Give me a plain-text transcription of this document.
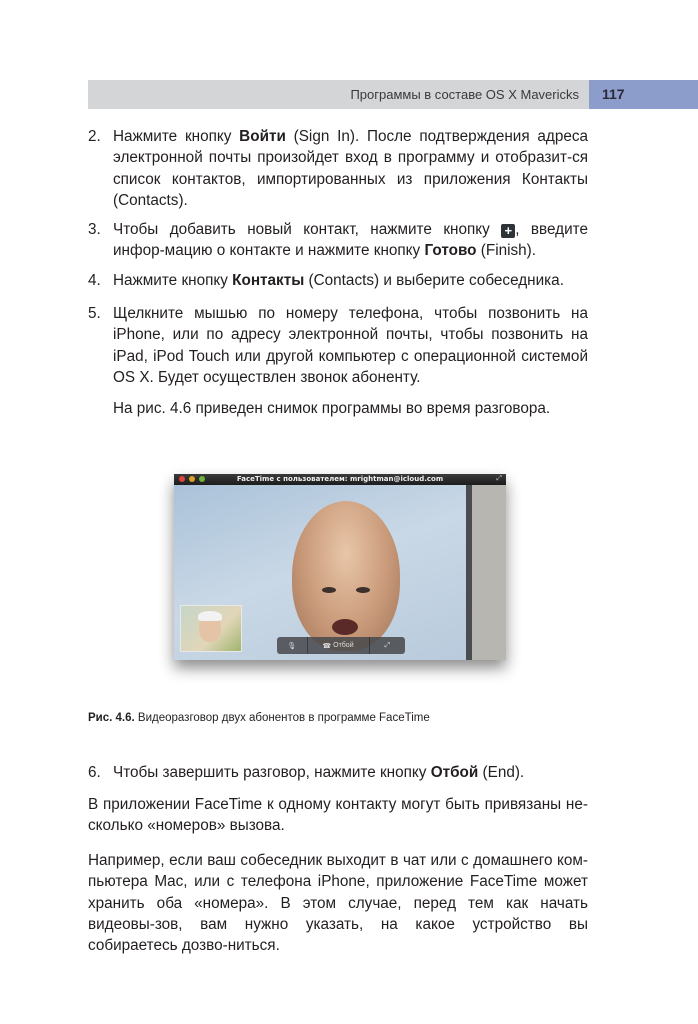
Программы в составе OS X Mavericks 117
2. Нажмите кнопку Войти (Sign In). После подтверждения адреса электронной почты произойдет вход в программу и отобразит-ся список контактов, импортированных из приложения Контакты (Contacts).
3. Чтобы добавить новый контакт, нажмите кнопку + , введите инфор-мацию о контакте и нажмите кнопку Готово (Finish).
4. Нажмите кнопку Контакты (Contacts) и выберите собеседника.
5. Щелкните мышью по номеру телефона, чтобы позвонить на iPhone, или по адресу электронной почты, чтобы позвонить на iPad, iPod Touch или другой компьютер с операционной системой OS X. Будет осуществлен звонок абоненту.
На рис. 4.6 приведен снимок программы во время разговора.
FaceTime с пользователем: mrightman@icloud.com	⤢
🎙	☎ Отбой	⤢
Рис. 4.6. Видеоразговор двух абонентов в программе FaceTime
6. Чтобы завершить разговор, нажмите кнопку Отбой (End).
В приложении FaceTime к одному контакту могут быть привязаны не-сколько «номеров» вызова.
Например, если ваш собеседник выходит в чат или с домашнего ком-пьютера Mac, или с телефона iPhone, приложение FaceTime может хранить оба «номера». В этом случае, перед тем как начать видеовы-зов, вам нужно указать, на какое устройство вы собираетесь дозво-ниться.
